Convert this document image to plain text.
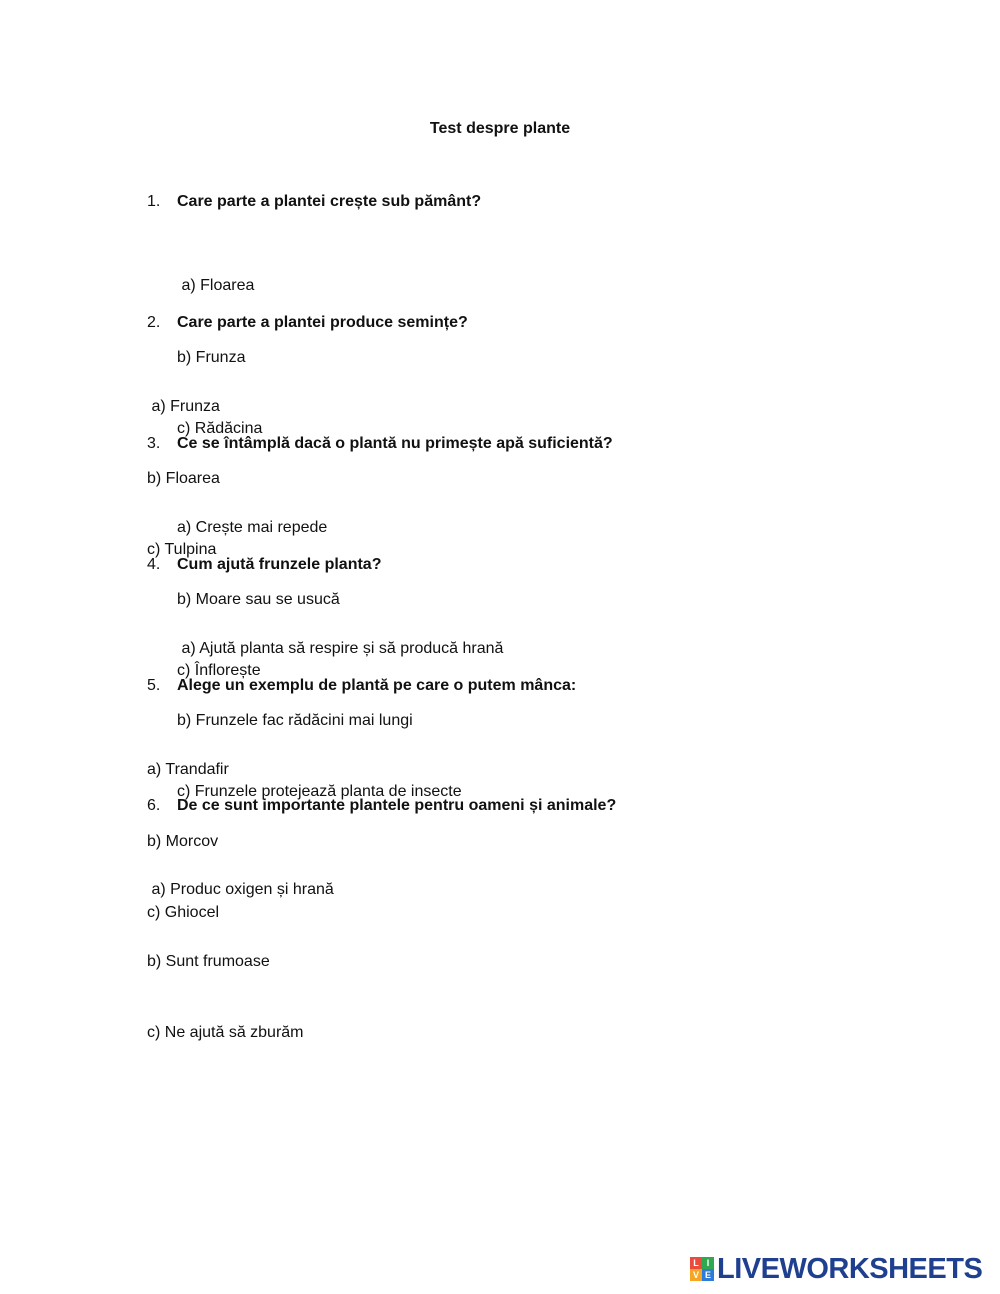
Test despre plante
1. Care parte a plantei crește sub pământ?

a) Floarea

b) Frunza

c) Rădăcina

2. Care parte a plantei produce semințe?

a) Frunza

b) Floarea

c) Tulpina

3. Ce se întâmplă dacă o plantă nu primește apă suficientă?

a) Crește mai repede

b) Moare sau se usucă

c) Înflorește

4. Cum ajută frunzele planta?

a) Ajută planta să respire și să producă hrană

b) Frunzele fac rădăcini mai lungi

c) Frunzele protejează planta de insecte

5. Alege un exemplu de plantă pe care o putem mânca:

a) Trandafir

b) Morcov

c) Ghiocel

6. De ce sunt importante plantele pentru oameni și animale?

a) Produc oxigen și hrană

b) Sunt frumoase

c) Ne ajută să zburăm

L I
V E LIVEWORKSHEETS
